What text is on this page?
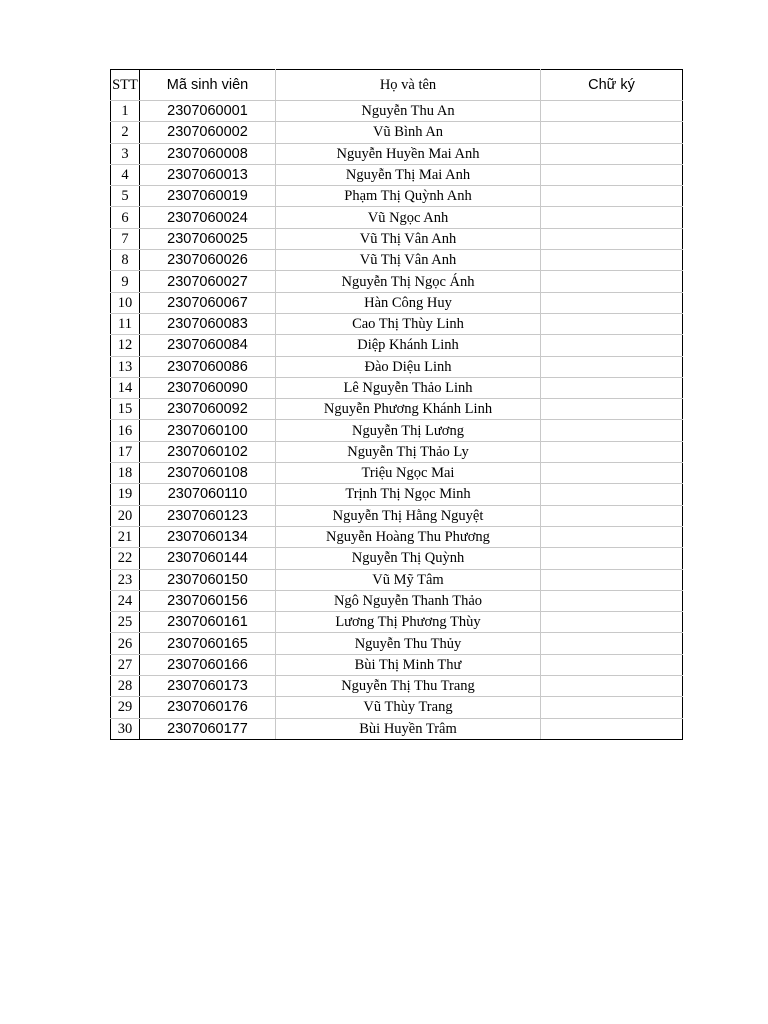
STT	Mã sinh viên	Họ và tên	Chữ ký
1	2307060001	Nguyễn Thu An	
2	2307060002	Vũ Bình An	
3	2307060008	Nguyễn Huyền Mai Anh	
4	2307060013	Nguyễn Thị Mai Anh	
5	2307060019	Phạm Thị Quỳnh Anh	
6	2307060024	Vũ Ngọc Anh	
7	2307060025	Vũ Thị Vân Anh	
8	2307060026	Vũ Thị Vân Anh	
9	2307060027	Nguyễn Thị Ngọc Ánh	
10	2307060067	Hàn Công Huy	
11	2307060083	Cao Thị Thùy Linh	
12	2307060084	Diệp Khánh Linh	
13	2307060086	Đào Diệu Linh	
14	2307060090	Lê Nguyễn Thảo Linh	
15	2307060092	Nguyễn Phương Khánh Linh	
16	2307060100	Nguyễn Thị Lương	
17	2307060102	Nguyễn Thị Thảo Ly	
18	2307060108	Triệu Ngọc Mai	
19	2307060110	Trịnh Thị Ngọc Minh	
20	2307060123	Nguyễn Thị Hằng Nguyệt	
21	2307060134	Nguyễn Hoàng Thu Phương	
22	2307060144	Nguyễn Thị Quỳnh	
23	2307060150	Vũ Mỹ Tâm	
24	2307060156	Ngô Nguyễn Thanh Thảo	
25	2307060161	Lương Thị Phương Thùy	
26	2307060165	Nguyễn Thu Thủy	
27	2307060166	Bùi Thị Minh Thư	
28	2307060173	Nguyễn Thị Thu Trang	
29	2307060176	Vũ Thùy Trang	
30	2307060177	Bùi Huyền Trâm	
